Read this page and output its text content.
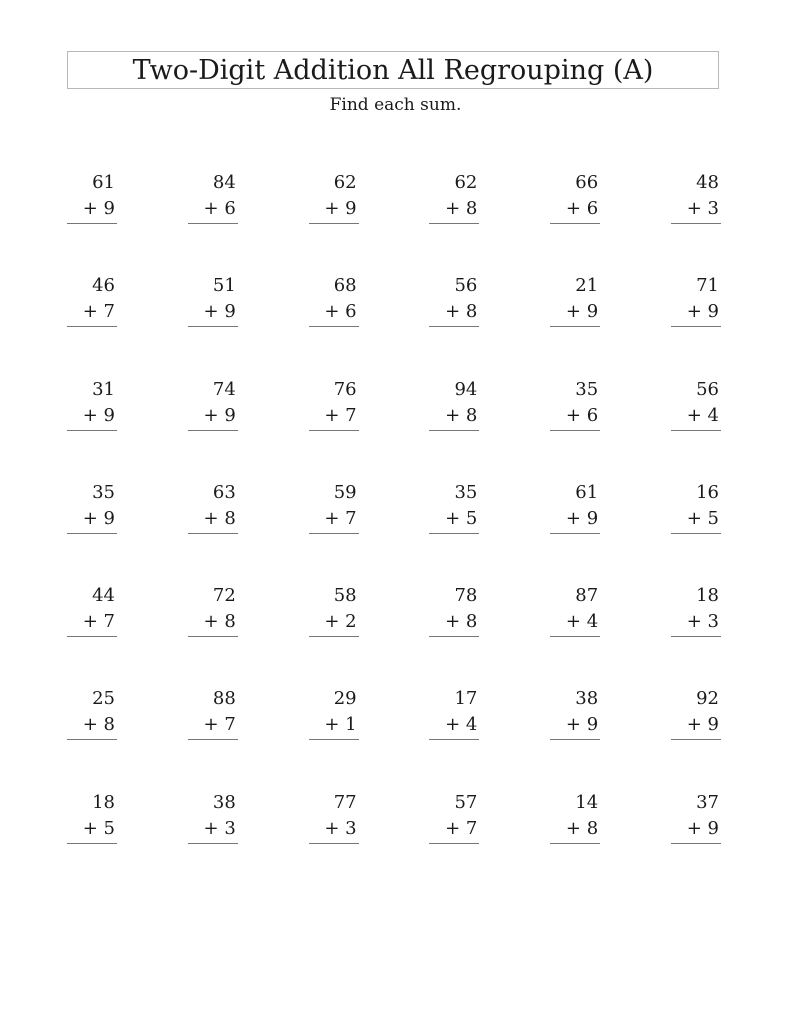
Two-Digit Addition All Regrouping (A)
Find each sum.
61
+ 9
84
+ 6
62
+ 9
62
+ 8
66
+ 6
48
+ 3
46
+ 7
51
+ 9
68
+ 6
56
+ 8
21
+ 9
71
+ 9
31
+ 9
74
+ 9
76
+ 7
94
+ 8
35
+ 6
56
+ 4
35
+ 9
63
+ 8
59
+ 7
35
+ 5
61
+ 9
16
+ 5
44
+ 7
72
+ 8
58
+ 2
78
+ 8
87
+ 4
18
+ 3
25
+ 8
88
+ 7
29
+ 1
17
+ 4
38
+ 9
92
+ 9
18
+ 5
38
+ 3
77
+ 3
57
+ 7
14
+ 8
37
+ 9
